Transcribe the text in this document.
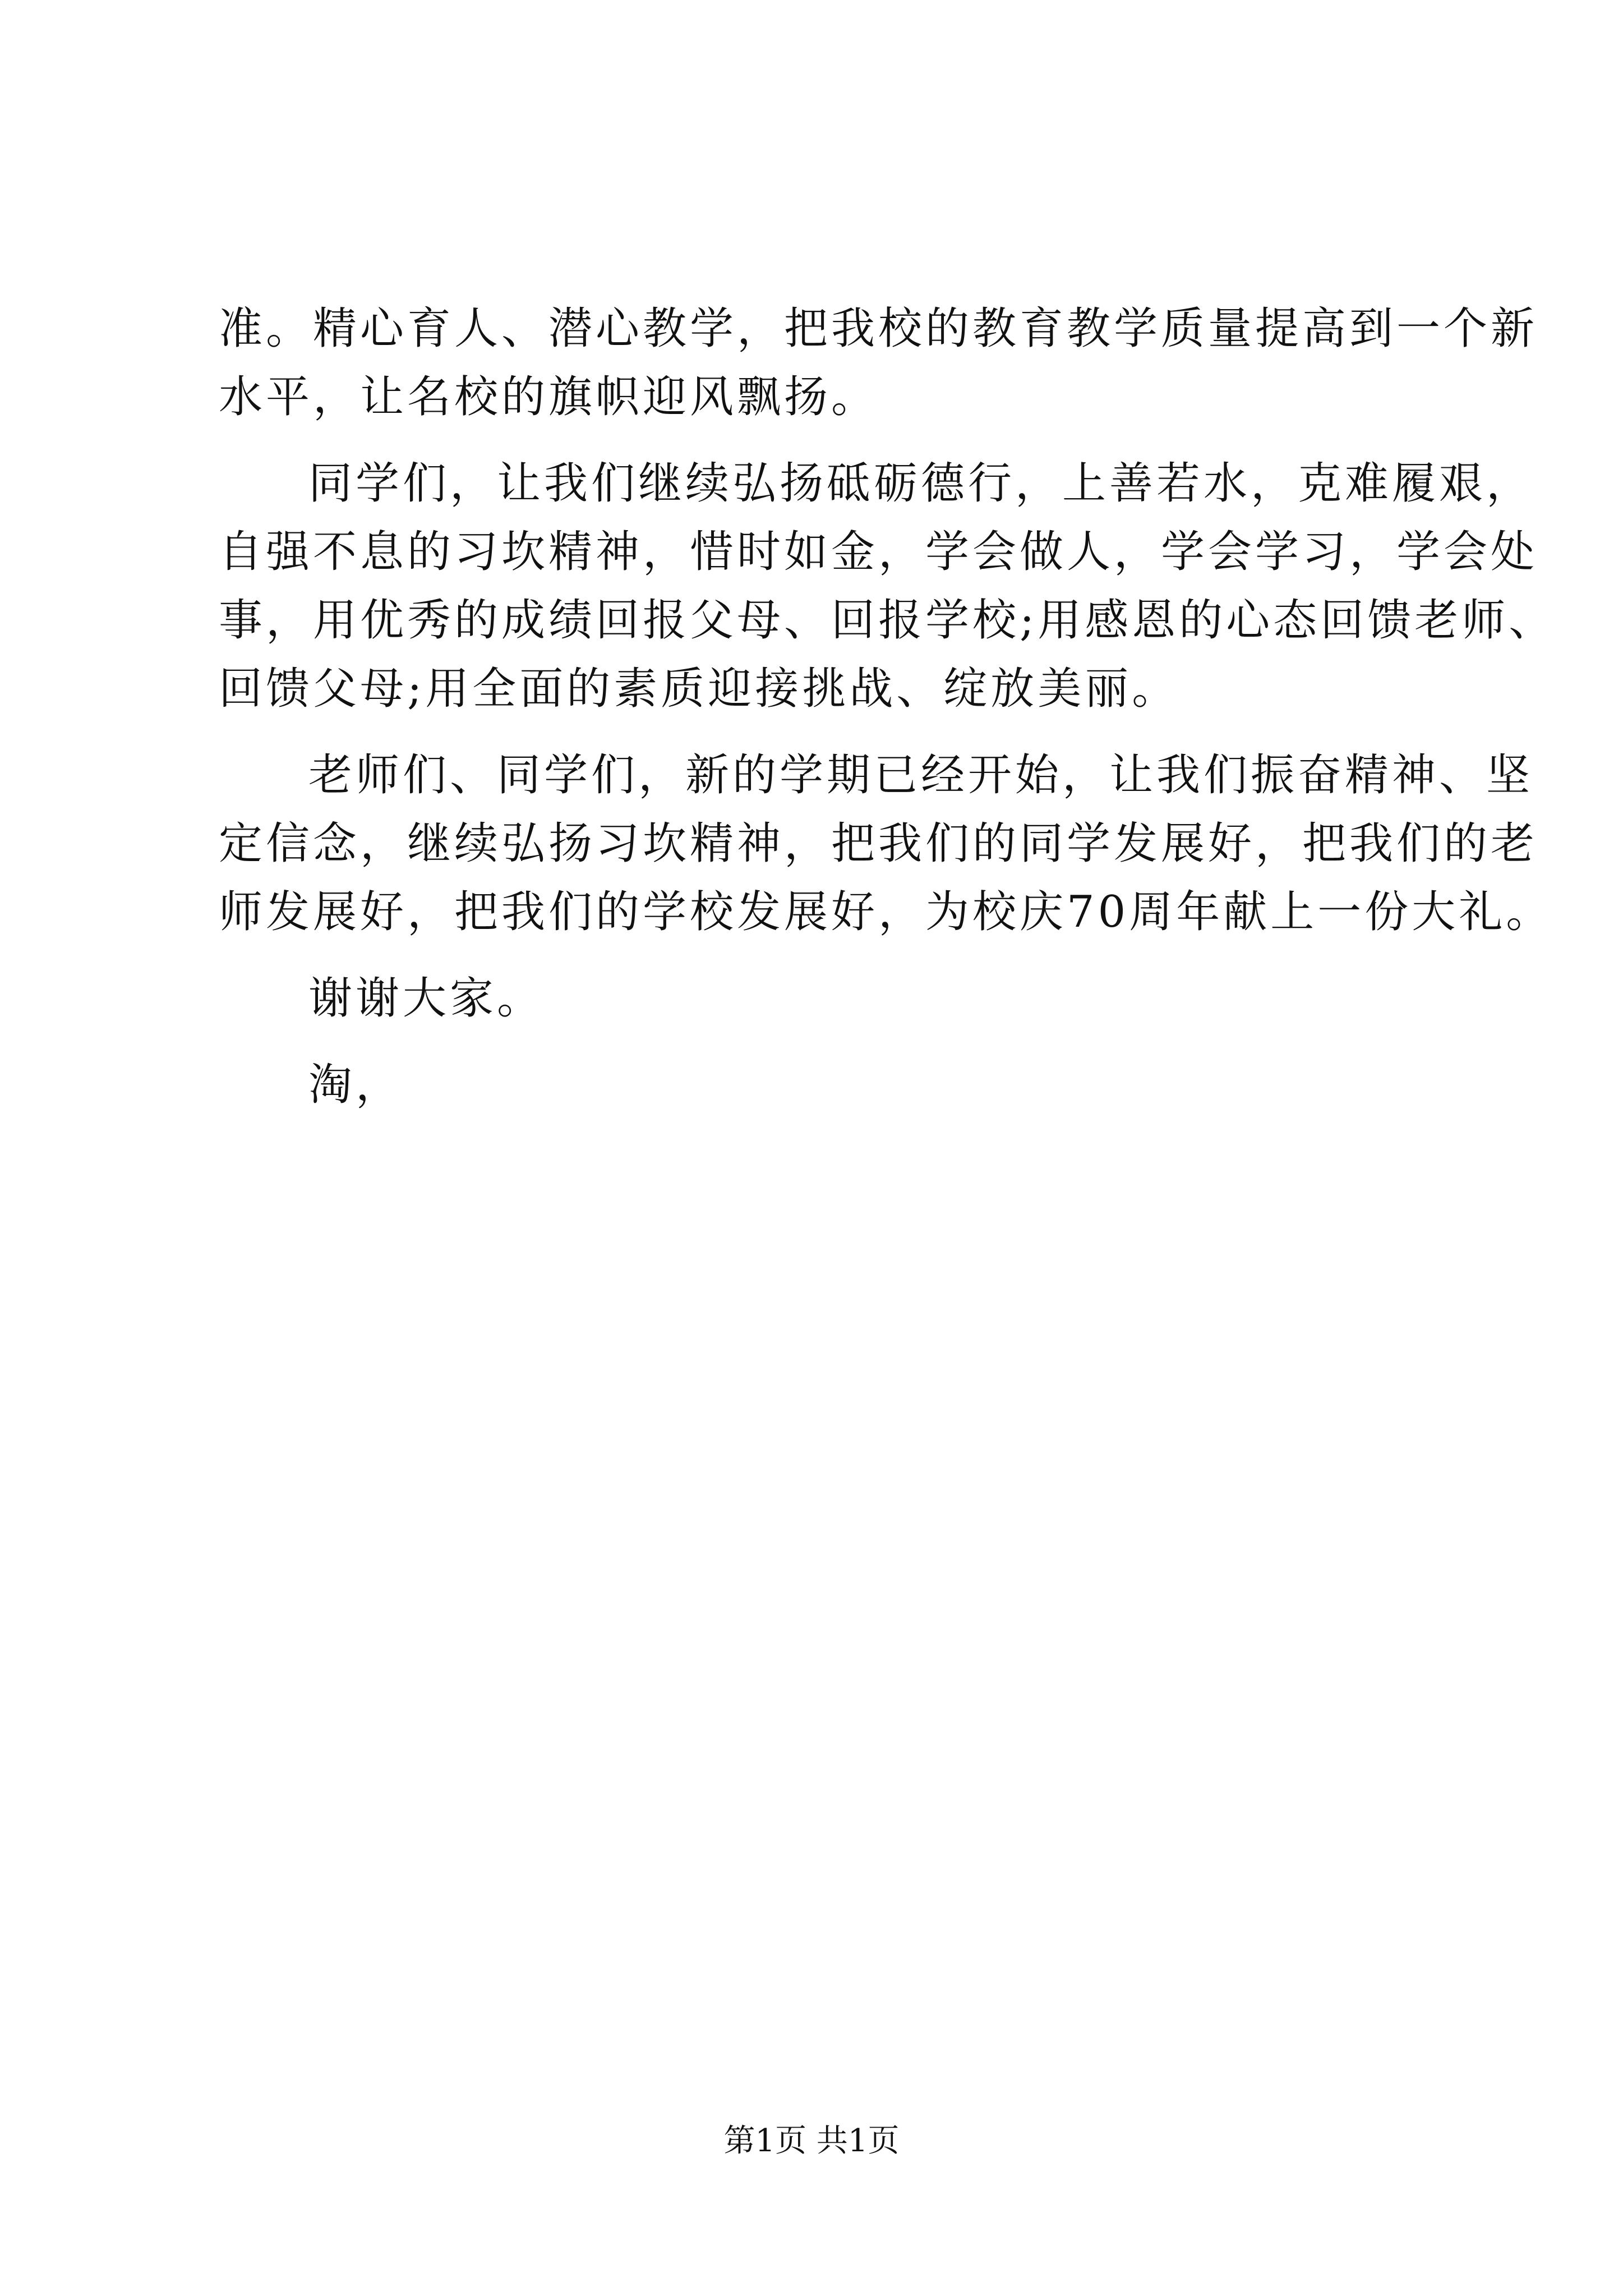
准。精心育人、潜心教学，把我校的教育教学质量提高到一个新
水平，让名校的旗帜迎风飘扬。
同学们，让我们继续弘扬砥砺德行，上善若水，克难履艰，
自强不息的习坎精神，惜时如金，学会做人，学会学习，学会处
事，用优秀的成绩回报父母、回报学校;用感恩的心态回馈老师、
回馈父母;用全面的素质迎接挑战、绽放美丽。
老师们、同学们，新的学期已经开始，让我们振奋精神、坚
定信念，继续弘扬习坎精神，把我们的同学发展好，把我们的老
师发展好，把我们的学校发展好，为校庆70周年献上一份大礼。
谢谢大家。
淘，
第1页 共1页
